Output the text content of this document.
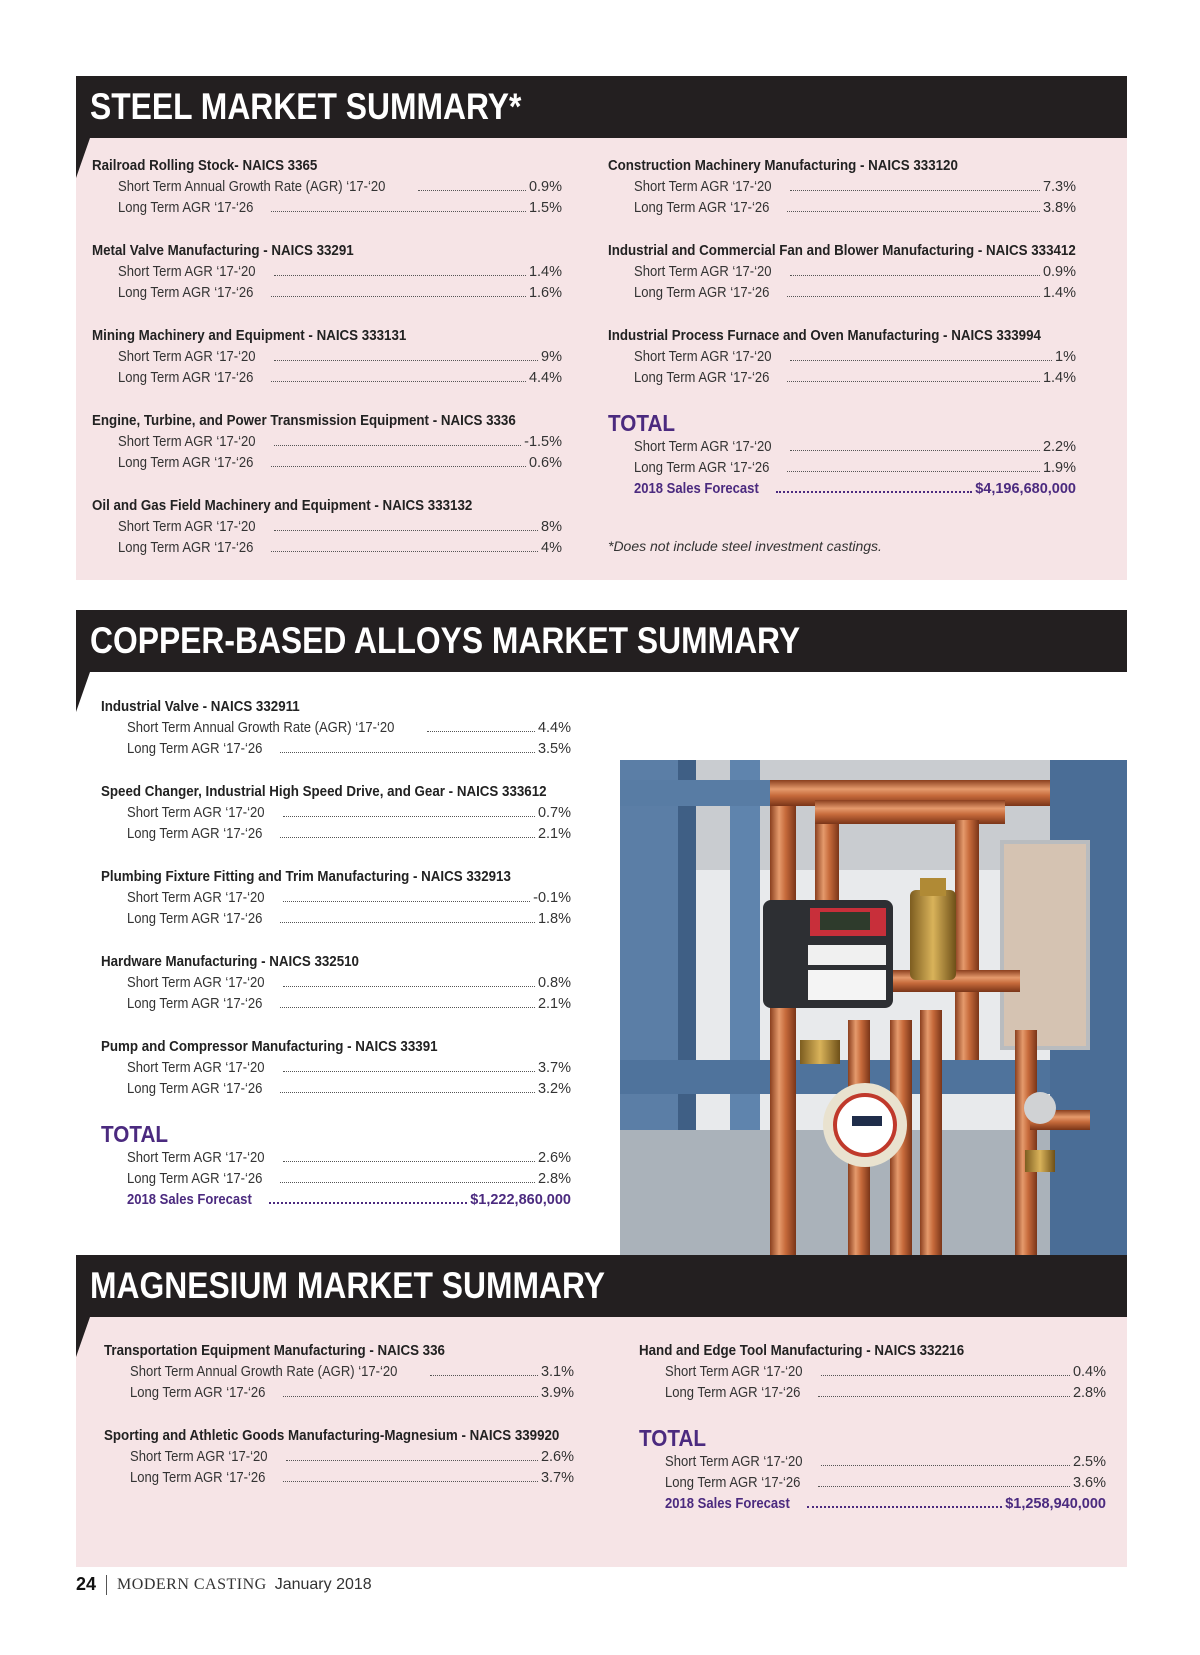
STEEL MARKET SUMMARY*
Railroad Rolling Stock- NAICS 3365
Short Term Annual Growth Rate (AGR) ‘17-‘20	0.9%
Long Term AGR ‘17-‘26	1.5%
Metal Valve Manufacturing - NAICS 33291
Short Term AGR ‘17-‘20	1.4%
Long Term AGR ‘17-‘26	1.6%
Mining Machinery and Equipment - NAICS 333131
Short Term AGR ‘17-‘20	9%
Long Term AGR ‘17-‘26	4.4%
Engine, Turbine, and Power Transmission Equipment - NAICS 3336
Short Term AGR ‘17-‘20	-1.5%
Long Term AGR ‘17-‘26	0.6%
Oil and Gas Field Machinery and Equipment - NAICS 333132
Short Term AGR ‘17-‘20	8%
Long Term AGR ‘17-‘26	4%
Construction Machinery Manufacturing - NAICS 333120
Short Term AGR ‘17-‘20	7.3%
Long Term AGR ‘17-‘26	3.8%
Industrial and Commercial Fan and Blower Manufacturing - NAICS 333412
Short Term AGR ‘17-‘20	0.9%
Long Term AGR ‘17-‘26	1.4%
Industrial Process Furnace and Oven Manufacturing - NAICS 333994
Short Term AGR ‘17-‘20	1%
Long Term AGR ‘17-‘26	1.4%
TOTAL
Short Term AGR ‘17-‘20	2.2%
Long Term AGR ‘17-‘26	1.9%
2018 Sales Forecast	$4,196,680,000
*Does not include steel investment castings.
COPPER-BASED ALLOYS MARKET SUMMARY
Industrial Valve - NAICS 332911
Short Term Annual Growth Rate (AGR) ‘17-‘20	4.4%
Long Term AGR ‘17-‘26	3.5%
Speed Changer, Industrial High Speed Drive, and Gear - NAICS 333612
Short Term AGR ‘17-‘20	0.7%
Long Term AGR ‘17-‘26	2.1%
Plumbing Fixture Fitting and Trim Manufacturing - NAICS 332913
Short Term AGR ‘17-‘20	-0.1%
Long Term AGR ‘17-‘26	1.8%
Hardware Manufacturing - NAICS 332510
Short Term AGR ‘17-‘20	0.8%
Long Term AGR ‘17-‘26	2.1%
Pump and Compressor Manufacturing - NAICS 33391
Short Term AGR ‘17-‘20	3.7%
Long Term AGR ‘17-‘26	3.2%
TOTAL
Short Term AGR ‘17-‘20	2.6%
Long Term AGR ‘17-‘26	2.8%
2018 Sales Forecast	$1,222,860,000
MAGNESIUM MARKET SUMMARY
Transportation Equipment Manufacturing - NAICS 336
Short Term Annual Growth Rate (AGR) ‘17-‘20	3.1%
Long Term AGR ‘17-‘26	3.9%
Sporting and Athletic Goods Manufacturing-Magnesium - NAICS 339920
Short Term AGR ‘17-‘20	2.6%
Long Term AGR ‘17-‘26	3.7%
Hand and Edge Tool Manufacturing - NAICS 332216
Short Term AGR ‘17-‘20	0.4%
Long Term AGR ‘17-‘26	2.8%
TOTAL
Short Term AGR ‘17-‘20	2.5%
Long Term AGR ‘17-‘26	3.6%
2018 Sales Forecast	$1,258,940,000
24 MODERN CASTING January 2018
